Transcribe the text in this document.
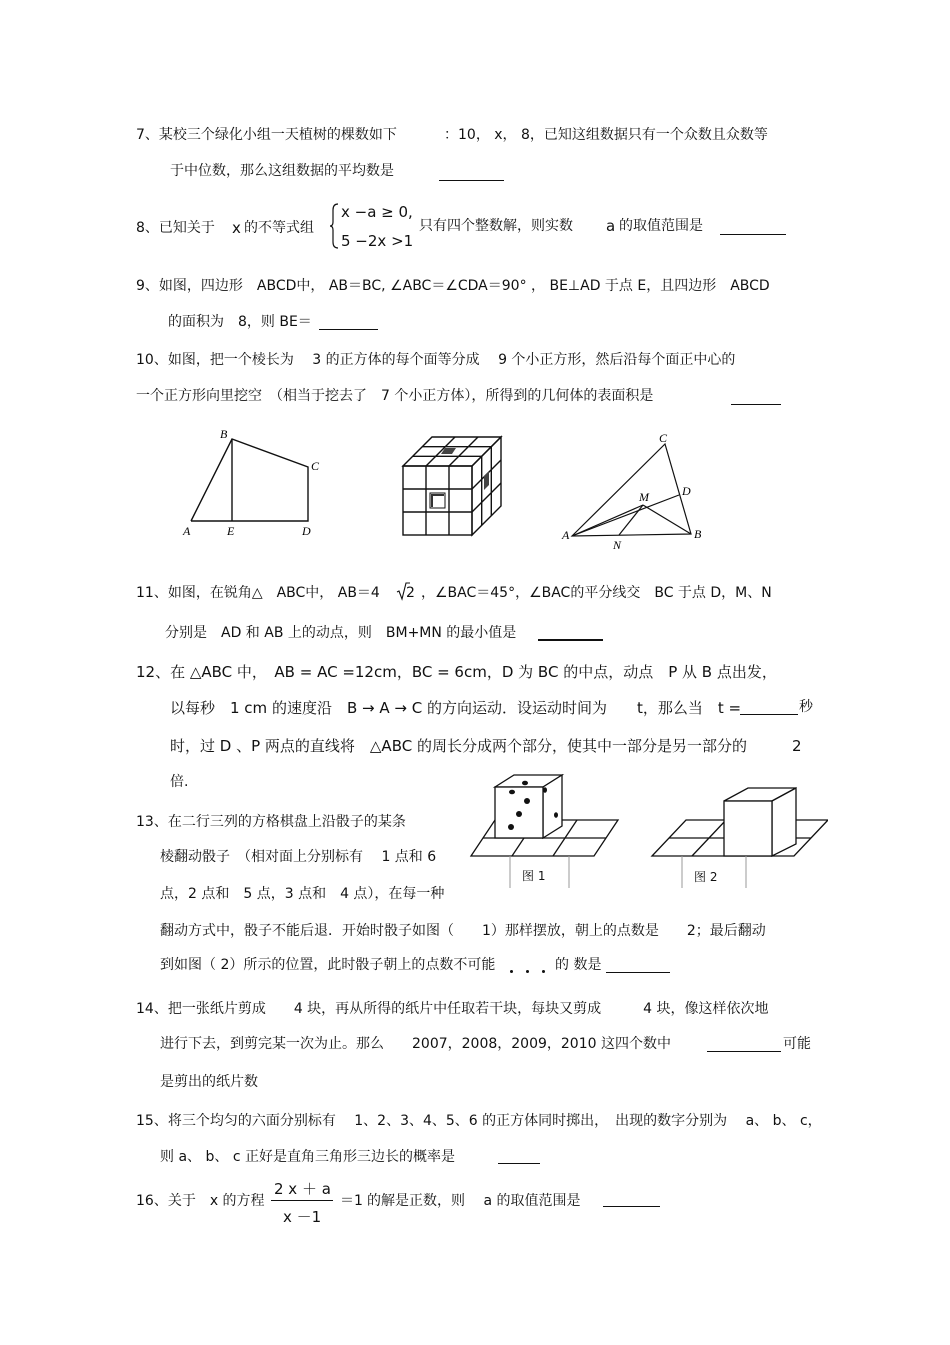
7、某校三个绿化小组一天植树的棵数如下	：10， x， 8，已知这组数据只有一个众数且众数等
于中位数，那么这组数据的平均数是
8、已知关于 x 的不等式组
x −a ≥ 0,
5 −2x >1
只有四个整数解，则实数 a 的取值范围是
9、如图，四边形　ABCD中， AB＝BC, ∠ABC＝∠CDA＝90° ， BE⊥AD 于点 E，且四边形　ABCD
的面积为　8，则 BE＝
10、如图，把一个棱长为　 3 的正方体的每个面等分成　 9 个小正方形，然后沿每个面正中心的
一个正方形向里挖空　（相当于挖去了　7 个小正方体），所得到的几何体的表面积是
B
C
A	E	D
C
D
M
A
N
B
11、如图，在锐角△　ABC中， AB＝4 2 ，∠BAC＝45°，∠BAC的平分线交　BC 于点 D，M、N
分别是　AD 和 AB 上的动点，则　BM+MN 的最小值是
12、在 △ABC 中，　AB = AC =12cm，BC = 6cm，D 为 BC 的中点，动点　P 从 B 点出发，
以每秒　1 cm 的速度沿　B → A → C 的方向运动．设运动时间为　　t，那么当　t =	秒
时，过 D 、P 两点的直线将　△ABC 的周长分成两个部分，使其中一部分是另一部分的　　　2
倍.
13、在二行三列的方格棋盘上沿骰子的某条
棱翻动骰子　（相对面上分别标有　 1 点和 6
点，2 点和　5 点，3 点和　4 点），在每一种
翻动方式中，骰子不能后退．开始时骰子如图（　　1）那样摆放，朝上的点数是　　2；最后翻动
到如图（ 2）所示的位置，此时骰子朝上的点数不可能	的 数是
图 1	图 2
14、把一张纸片剪成　　4 块，再从所得的纸片中任取若干块，每块又剪成　　　4 块，像这样依次地
进行下去，到剪完某一次为止。那么　　2007，2008，2009，2010 这四个数中	可能
是剪出的纸片数
15、将三个均匀的六面分别标有　 1、2、3、4、5、6 的正方体同时掷出，　出现的数字分别为　 a、 b、 c，
则 a、 b、 c 正好是直角三角形三边长的概率是
16、关于　x 的方程
2 x ＋ a
x －1
＝1 的解是正数，则　 a 的取值范围是
